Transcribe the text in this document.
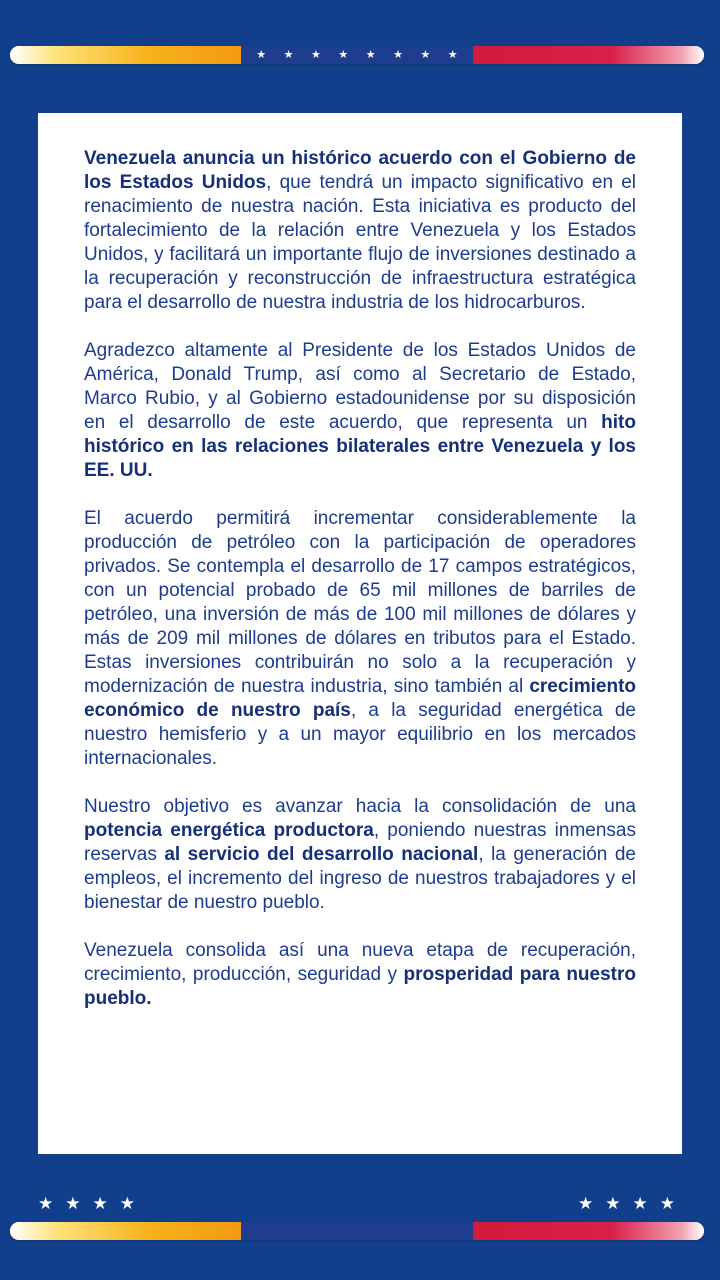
★ ★ ★ ★ ★ ★ ★ ★

Venezuela anuncia un histórico acuerdo con el Gobierno de los Estados Unidos, que tendrá un impacto significativo en el renacimiento de nuestra nación. Esta iniciativa es producto del fortalecimiento de la relación entre Venezuela y los Estados Unidos, y facilitará un importante flujo de inversiones destinado a la recuperación y reconstrucción de infraestructura estratégica para el desarrollo de nuestra industria de los hidrocarburos.

Agradezco altamente al Presidente de los Estados Unidos de América, Donald Trump, así como al Secretario de Estado, Marco Rubio, y al Gobierno estadounidense por su disposición en el desarrollo de este acuerdo, que representa un hito histórico en las relaciones bilaterales entre Venezuela y los EE. UU.

El acuerdo permitirá incrementar considerablemente la producción de petróleo con la participación de operadores privados. Se contempla el desarrollo de 17 campos estratégicos, con un potencial probado de 65 mil millones de barriles de petróleo, una inversión de más de 100 mil millones de dólares y más de 209 mil millones de dólares en tributos para el Estado. Estas inversiones contribuirán no solo a la recuperación y modernización de nuestra industria, sino también al crecimiento económico de nuestro país, a la seguridad energética de nuestro hemisferio y a un mayor equilibrio en los mercados internacionales.

Nuestro objetivo es avanzar hacia la consolidación de una potencia energética productora, poniendo nuestras inmensas reservas al servicio del desarrollo nacional, la generación de empleos, el incremento del ingreso de nuestros trabajadores y el bienestar de nuestro pueblo.

Venezuela consolida así una nueva etapa de recuperación, crecimiento, producción, seguridad y prosperidad para nuestro pueblo.

★★★★	★★★★
